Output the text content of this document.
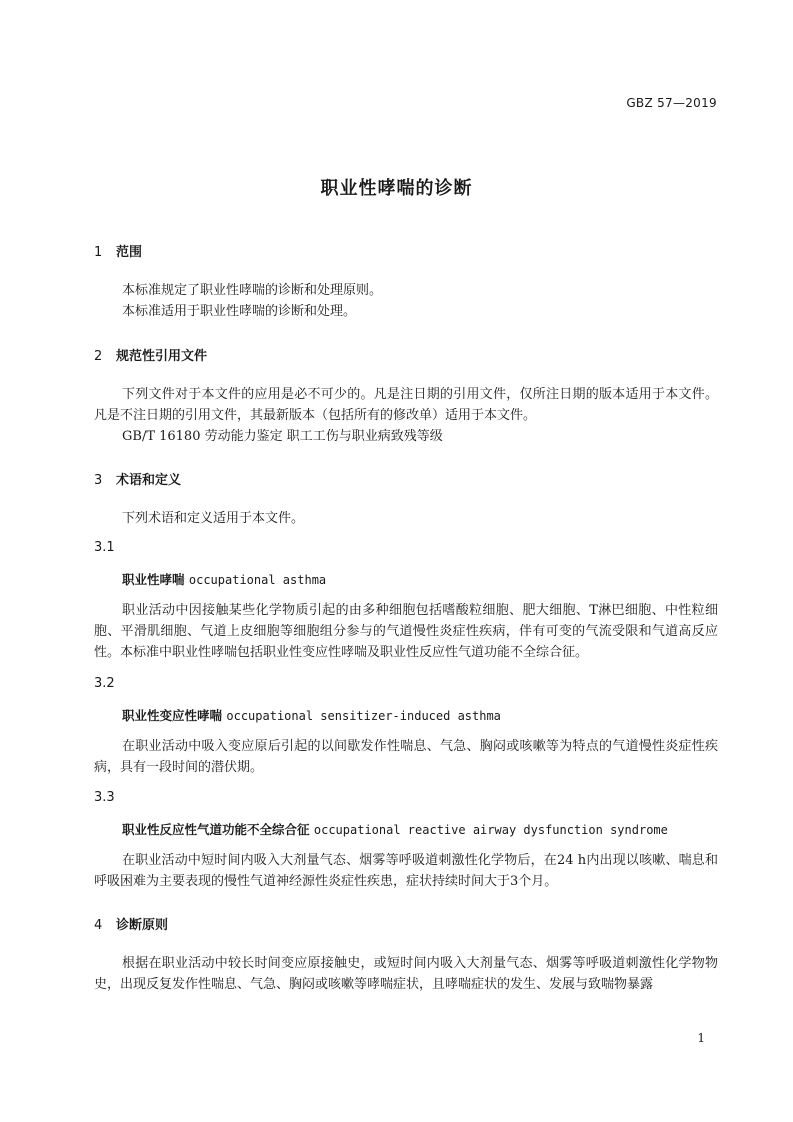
GBZ 57—2019
职业性哮喘的诊断
1 范围
本标准规定了职业性哮喘的诊断和处理原则。
本标准适用于职业性哮喘的诊断和处理。
2 规范性引用文件
下列文件对于本文件的应用是必不可少的。凡是注日期的引用文件，仅所注日期的版本适用于本文件。凡是不注日期的引用文件，其最新版本（包括所有的修改单）适用于本文件。
GB/T 16180 劳动能力鉴定 职工工伤与职业病致残等级
3 术语和定义
下列术语和定义适用于本文件。
3.1
职业性哮喘 occupational asthma
职业活动中因接触某些化学物质引起的由多种细胞包括嗜酸粒细胞、肥大细胞、T淋巴细胞、中性粒细胞、平滑肌细胞、气道上皮细胞等细胞组分参与的气道慢性炎症性疾病，伴有可变的气流受限和气道高反应性。本标准中职业性哮喘包括职业性变应性哮喘及职业性反应性气道功能不全综合征。
3.2
职业性变应性哮喘 occupational sensitizer-induced asthma
在职业活动中吸入变应原后引起的以间歇发作性喘息、气急、胸闷或咳嗽等为特点的气道慢性炎症性疾病，具有一段时间的潜伏期。
3.3
职业性反应性气道功能不全综合征 occupational reactive airway dysfunction syndrome
在职业活动中短时间内吸入大剂量气态、烟雾等呼吸道刺激性化学物后，在24 h内出现以咳嗽、喘息和呼吸困难为主要表现的慢性气道神经源性炎症性疾患，症状持续时间大于3个月。
4 诊断原则
根据在职业活动中较长时间变应原接触史，或短时间内吸入大剂量气态、烟雾等呼吸道刺激性化学物物史，出现反复发作性喘息、气急、胸闷或咳嗽等哮喘症状，且哮喘症状的发生、发展与致喘物暴露
1
